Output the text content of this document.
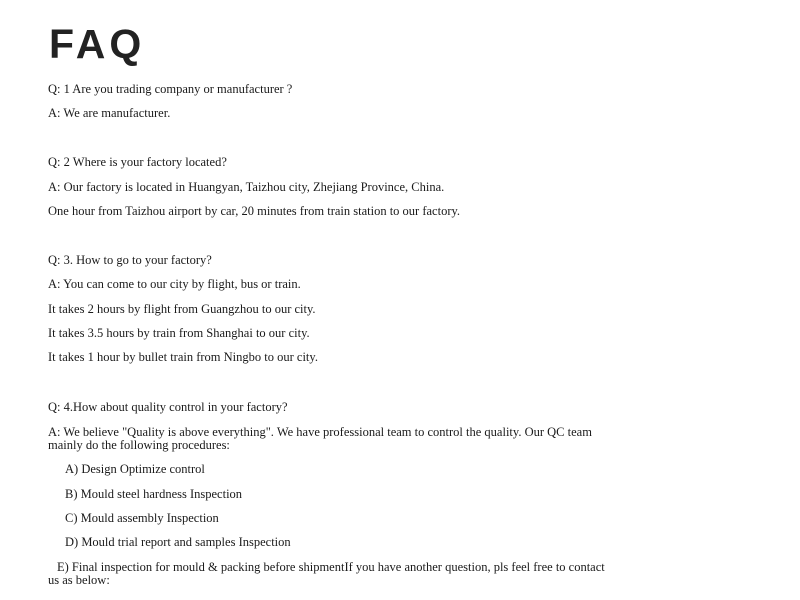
FAQ

Q: 1 Are you trading company or manufacturer ?

A: We are manufacturer.

Q: 2 Where is your factory located?

A: Our factory is located in Huangyan, Taizhou city, Zhejiang Province, China.

One hour from Taizhou airport by car, 20 minutes from train station to our factory.

Q: 3. How to go to your factory?

A: You can come to our city by flight, bus or train.

It takes 2 hours by flight from Guangzhou to our city.

It takes 3.5 hours by train from Shanghai to our city.

It takes 1 hour by bullet train from Ningbo to our city.

Q: 4.How about quality control in your factory?

A: We believe "Quality is above everything". We have professional team to control the quality. Our QC team

mainly do the following procedures:

A) Design Optimize control

B) Mould steel hardness Inspection

C) Mould assembly Inspection

D) Mould trial report and samples Inspection

E) Final inspection for mould & packing before shipmentIf you have another question, pls feel free to contact

us as below:
